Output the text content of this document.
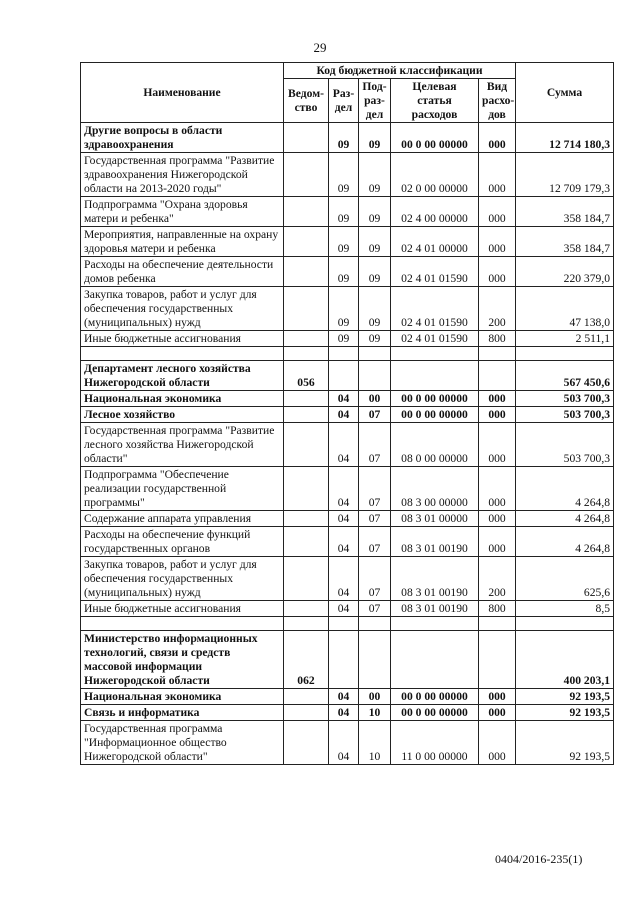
29
Наименование	Код бюджетной классификации					Сумма
	Ведом-ство	Раз-дел	Под-раз-дел	Целевая статья расходов	Вид расхо-дов	
Другие вопросы в области здравоохранения		09	09	00 0 00 00000	000	12 714 180,3
Государственная программа "Развитие здравоохранения Нижегородской области на 2013-2020 годы"		09	09	02 0 00 00000	000	12 709 179,3
Подпрограмма "Охрана здоровья матери и ребенка"		09	09	02 4 00 00000	000	358 184,7
Мероприятия, направленные на охрану здоровья матери и ребенка		09	09	02 4 01 00000	000	358 184,7
Расходы на обеспечение деятельности домов ребенка		09	09	02 4 01 01590	000	220 379,0
Закупка товаров, работ и услуг для обеспечения государственных (муниципальных) нужд		09	09	02 4 01 01590	200	47 138,0
Иные бюджетные ассигнования		09	09	02 4 01 01590	800	2 511,1

Департамент лесного хозяйства Нижегородской области	056					567 450,6
Национальная экономика		04	00	00 0 00 00000	000	503 700,3
Лесное хозяйство		04	07	00 0 00 00000	000	503 700,3
Государственная программа "Развитие лесного хозяйства Нижегородской области"		04	07	08 0 00 00000	000	503 700,3
Подпрограмма "Обеспечение реализации государственной программы"		04	07	08 3 00 00000	000	4 264,8
Содержание аппарата управления		04	07	08 3 01 00000	000	4 264,8
Расходы на обеспечение функций государственных органов		04	07	08 3 01 00190	000	4 264,8
Закупка товаров, работ и услуг для обеспечения государственных (муниципальных) нужд		04	07	08 3 01 00190	200	625,6
Иные бюджетные ассигнования		04	07	08 3 01 00190	800	8,5

Министерство информационных технологий, связи и средств массовой информации Нижегородской области	062					400 203,1
Национальная экономика		04	00	00 0 00 00000	000	92 193,5
Связь и информатика		04	10	00 0 00 00000	000	92 193,5
Государственная программа "Информационное общество Нижегородской области"		04	10	11 0 00 00000	000	92 193,5
0404/2016-235(1)
